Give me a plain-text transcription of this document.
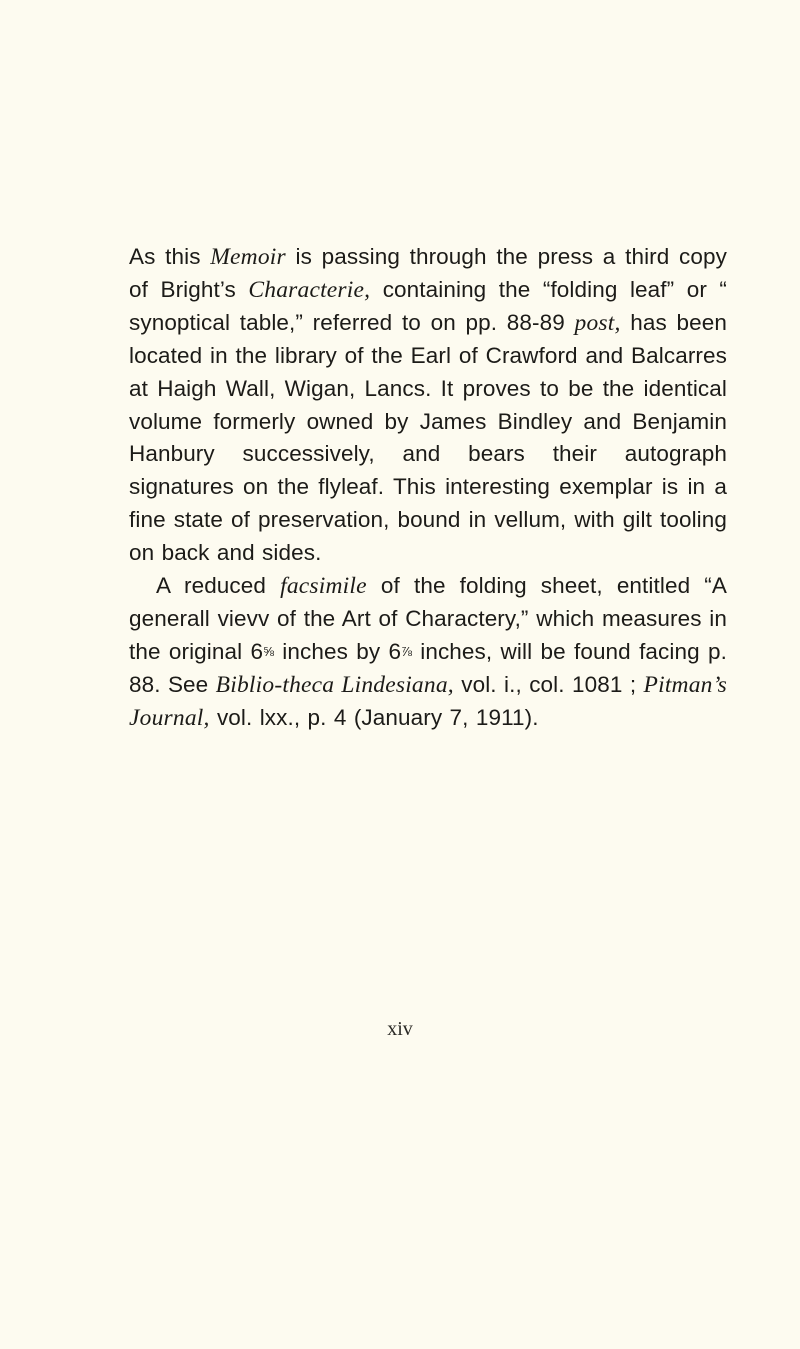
As this Memoir is passing through the press a third copy of Bright’s Characterie, containing the “folding leaf” or “ synoptical table,” referred to on pp. 88-89 post, has been located in the library of the Earl of Crawford and Balcarres at Haigh Wall, Wigan, Lancs. It proves to be the identical volume formerly owned by James Bindley and Benjamin Hanbury successively, and bears their autograph signatures on the flyleaf. This interesting exemplar is in a fine state of preservation, bound in vellum, with gilt tooling on back and sides.

A reduced facsimile of the folding sheet, entitled “A generall vievv of the Art of Charactery,” which measures in the original 6⅝ inches by 6⅞ inches, will be found facing p. 88. See Biblio-theca Lindesiana, vol. i., col. 1081 ; Pitman’s Journal, vol. lxx., p. 4 (January 7, 1911).

xiv
